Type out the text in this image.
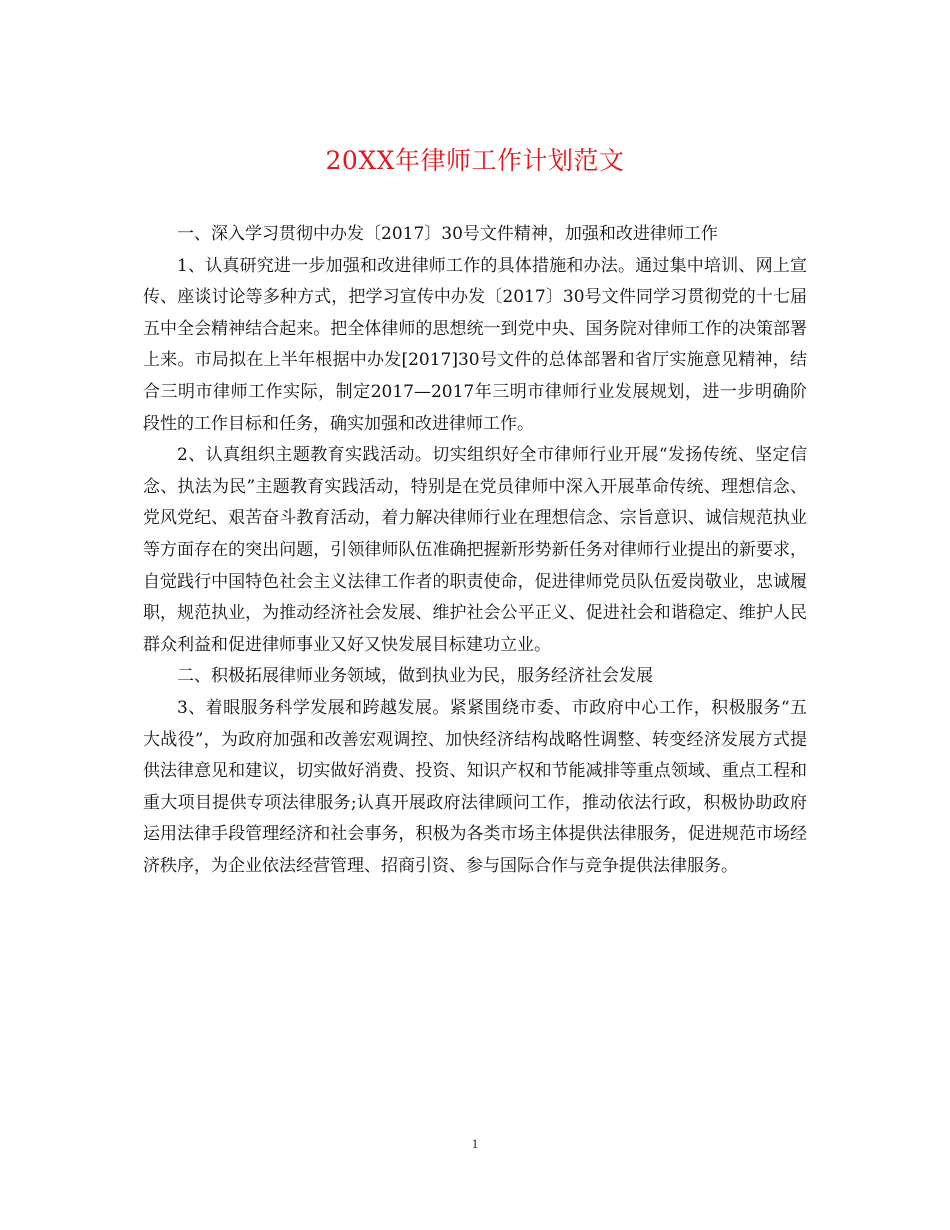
20XX年律师工作计划范文

一、深入学习贯彻中办发〔2017〕30号文件精神，加强和改进律师工作

1、认真研究进一步加强和改进律师工作的具体措施和办法。通过集中培训、网上宣传、座谈讨论等多种方式，把学习宣传中办发〔2017〕30号文件同学习贯彻党的十七届五中全会精神结合起来。把全体律师的思想统一到党中央、国务院对律师工作的决策部署上来。市局拟在上半年根据中办发[2017]30号文件的总体部署和省厅实施意见精神，结合三明市律师工作实际，制定2017—2017年三明市律师行业发展规划，进一步明确阶段性的工作目标和任务，确实加强和改进律师工作。

2、认真组织主题教育实践活动。切实组织好全市律师行业开展“发扬传统、坚定信念、执法为民”主题教育实践活动，特别是在党员律师中深入开展革命传统、理想信念、党风党纪、艰苦奋斗教育活动，着力解决律师行业在理想信念、宗旨意识、诚信规范执业等方面存在的突出问题，引领律师队伍准确把握新形势新任务对律师行业提出的新要求，自觉践行中国特色社会主义法律工作者的职责使命，促进律师党员队伍爱岗敬业，忠诚履职，规范执业，为推动经济社会发展、维护社会公平正义、促进社会和谐稳定、维护人民群众利益和促进律师事业又好又快发展目标建功立业。

二、积极拓展律师业务领域，做到执业为民，服务经济社会发展

3、着眼服务科学发展和跨越发展。紧紧围绕市委、市政府中心工作，积极服务“五大战役”，为政府加强和改善宏观调控、加快经济结构战略性调整、转变经济发展方式提供法律意见和建议，切实做好消费、投资、知识产权和节能减排等重点领域、重点工程和重大项目提供专项法律服务;认真开展政府法律顾问工作，推动依法行政，积极协助政府运用法律手段管理经济和社会事务，积极为各类市场主体提供法律服务，促进规范市场经济秩序，为企业依法经营管理、招商引资、参与国际合作与竞争提供法律服务。

1
